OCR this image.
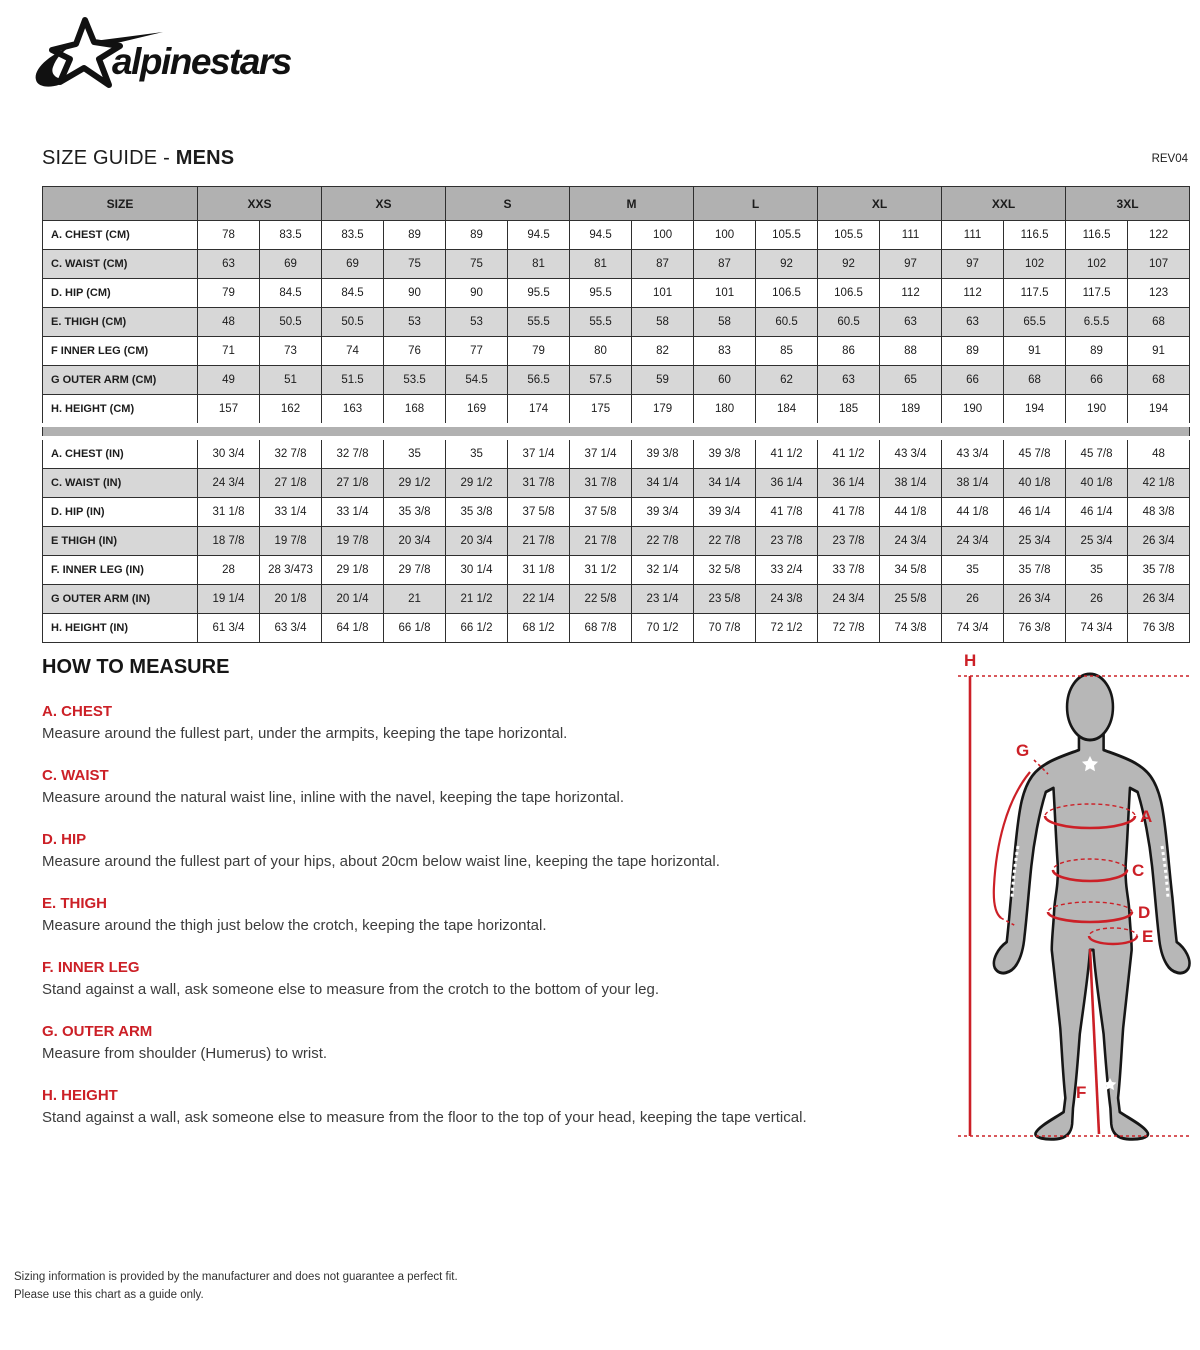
alpinestars
SIZE GUIDE - MENS	REV04
SIZE	XXS		XS		S		M		L		XL		XXL		3XL	
A. CHEST (CM)	78	83.5	83.5	89	89	94.5	94.5	100	100	105.5	105.5	111	111	116.5	116.5	122
C. WAIST (CM)	63	69	69	75	75	81	81	87	87	92	92	97	97	102	102	107
D. HIP (CM)	79	84.5	84.5	90	90	95.5	95.5	101	101	106.5	106.5	112	112	117.5	117.5	123
E. THIGH (CM)	48	50.5	50.5	53	53	55.5	55.5	58	58	60.5	60.5	63	63	65.5	6.5.5	68
F INNER LEG (CM)	71	73	74	76	77	79	80	82	83	85	86	88	89	91	89	91
G OUTER ARM (CM)	49	51	51.5	53.5	54.5	56.5	57.5	59	60	62	63	65	66	68	66	68
H. HEIGHT (CM)	157	162	163	168	169	174	175	179	180	184	185	189	190	194	190	194

A. CHEST (IN)	30 3/4	32 7/8	32 7/8	35	35	37 1/4	37 1/4	39 3/8	39 3/8	41 1/2	41 1/2	43 3/4	43 3/4	45 7/8	45 7/8	48
C. WAIST (IN)	24 3/4	27 1/8	27 1/8	29 1/2	29 1/2	31 7/8	31 7/8	34 1/4	34 1/4	36 1/4	36 1/4	38 1/4	38 1/4	40 1/8	40 1/8	42 1/8
D. HIP (IN)	31 1/8	33 1/4	33 1/4	35 3/8	35 3/8	37 5/8	37 5/8	39 3/4	39 3/4	41 7/8	41 7/8	44 1/8	44 1/8	46 1/4	46 1/4	48 3/8
E THIGH (IN)	18 7/8	19 7/8	19 7/8	20 3/4	20 3/4	21 7/8	21 7/8	22 7/8	22 7/8	23 7/8	23 7/8	24 3/4	24 3/4	25 3/4	25 3/4	26 3/4
F. INNER LEG (IN)	28	28 3/473	29 1/8	29 7/8	30 1/4	31 1/8	31 1/2	32 1/4	32 5/8	33 2/4	33 7/8	34 5/8	35	35 7/8	35	35 7/8
G OUTER ARM (IN)	19 1/4	20 1/8	20 1/4	21	21 1/2	22 1/4	22 5/8	23 1/4	23 5/8	24 3/8	24 3/4	25 5/8	26	26 3/4	26	26 3/4
H. HEIGHT (IN)	61 3/4	63 3/4	64 1/8	66 1/8	66 1/2	68 1/2	68 7/8	70 1/2	70 7/8	72 1/2	72 7/8	74 3/8	74 3/4	76 3/8	74 3/4	76 3/8
HOW TO MEASURE
A. CHEST
Measure around the fullest part, under the armpits, keeping the tape horizontal.
C. WAIST
Measure around the natural waist line, inline with the navel, keeping the tape horizontal.
D. HIP
Measure around the fullest part of your hips, about 20cm below waist line, keeping the tape horizontal.
E. THIGH
Measure around the thigh just below the crotch, keeping the tape horizontal.
F. INNER LEG
Stand against a wall, ask someone else to measure from the crotch to the bottom of your leg.
G. OUTER ARM
Measure from shoulder (Humerus) to wrist.
H. HEIGHT
Stand against a wall, ask someone else to measure from the floor to the top of your head, keeping the tape vertical.
H
G
A
C
D
E
F
Sizing information is provided by the manufacturer and does not guarantee a perfect fit.
Please use this chart as a guide only.
